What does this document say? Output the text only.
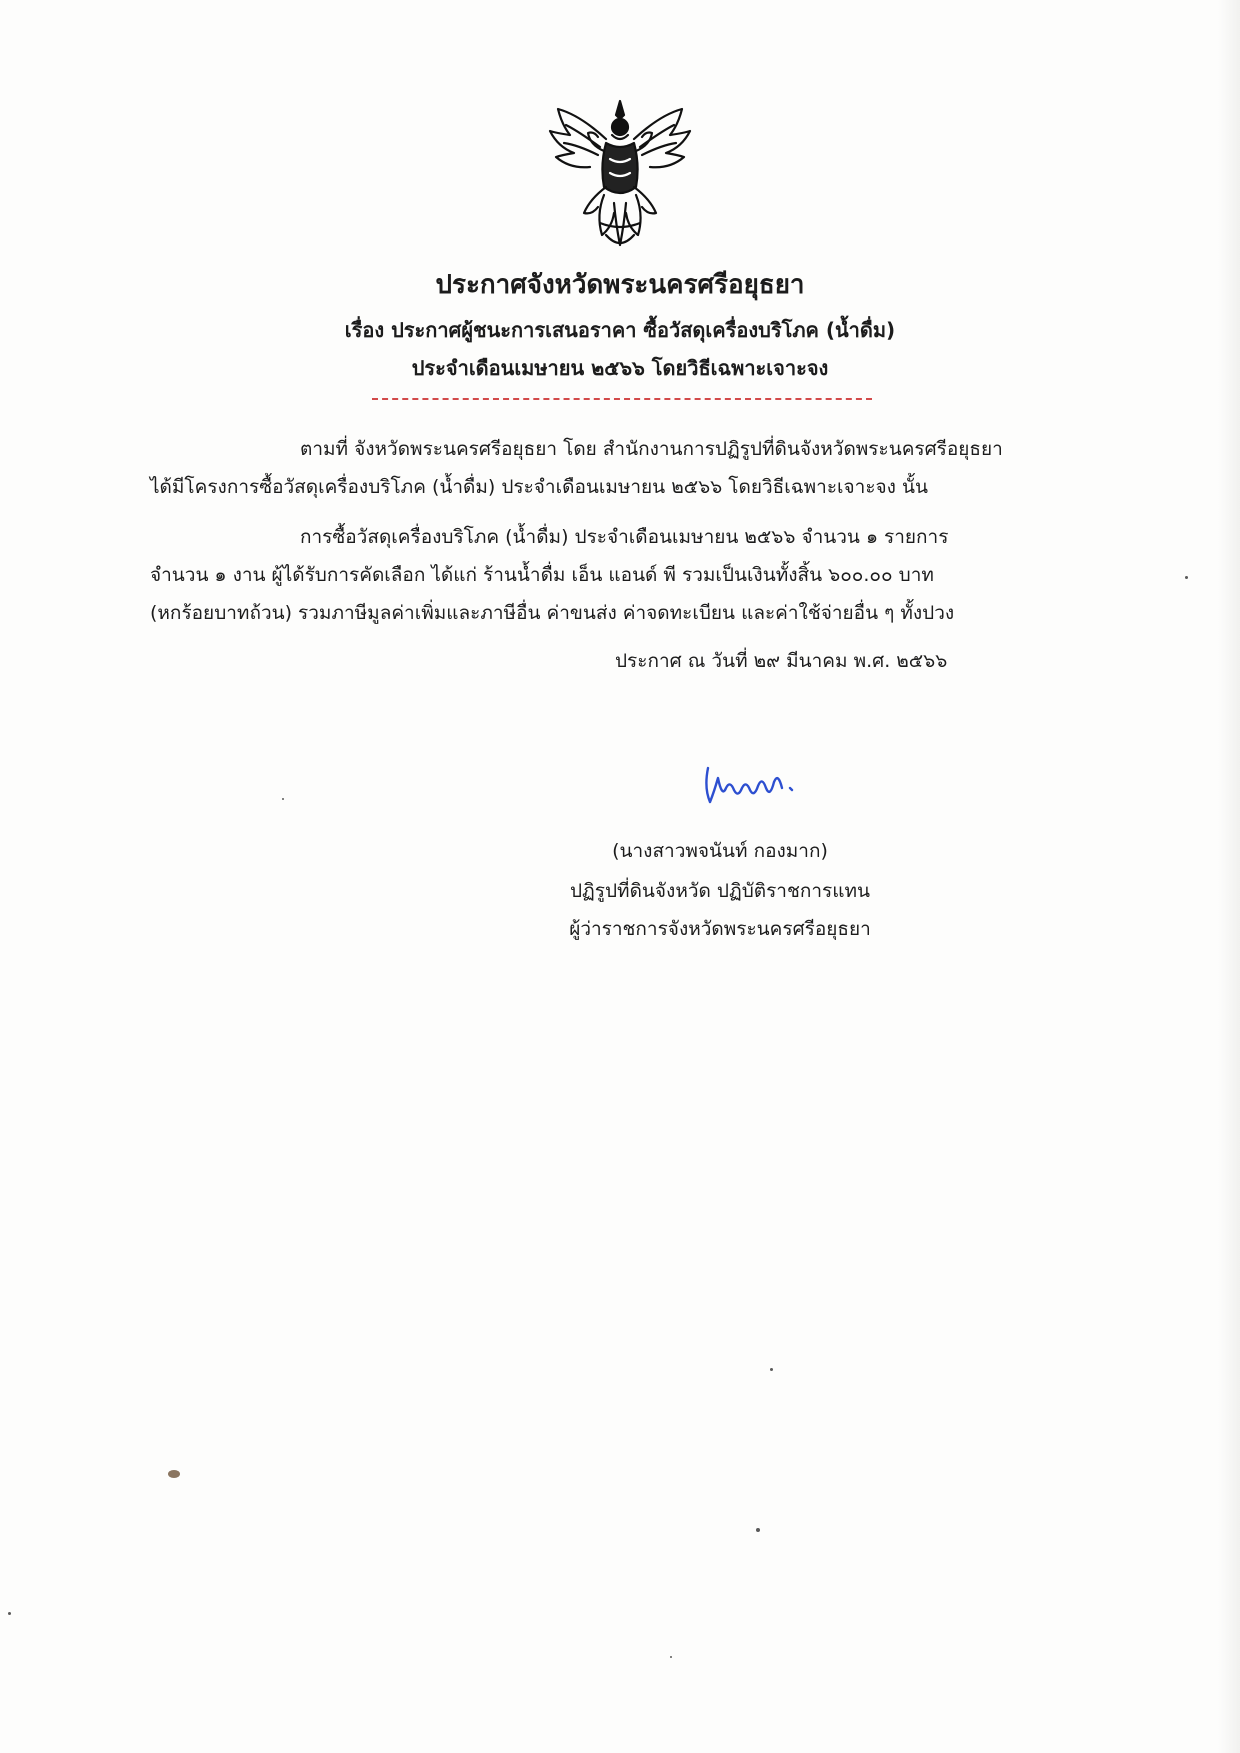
ประกาศจังหวัดพระนครศรีอยุธยา
เรื่อง ประกาศผู้ชนะการเสนอราคา ซื้อวัสดุเครื่องบริโภค (น้ำดื่ม)
ประจำเดือนเมษายน ๒๕๖๖ โดยวิธีเฉพาะเจาะจง
ตามที่ จังหวัดพระนครศรีอยุธยา โดย สำนักงานการปฏิรูปที่ดินจังหวัดพระนครศรีอยุธยา
ได้มีโครงการซื้อวัสดุเครื่องบริโภค (น้ำดื่ม) ประจำเดือนเมษายน ๒๕๖๖ โดยวิธีเฉพาะเจาะจง นั้น
การซื้อวัสดุเครื่องบริโภค (น้ำดื่ม) ประจำเดือนเมษายน ๒๕๖๖ จำนวน ๑ รายการ
จำนวน ๑ งาน ผู้ได้รับการคัดเลือก ได้แก่ ร้านน้ำดื่ม เอ็น แอนด์ พี รวมเป็นเงินทั้งสิ้น ๖๐๐.๐๐ บาท
(หกร้อยบาทถ้วน) รวมภาษีมูลค่าเพิ่มและภาษีอื่น ค่าขนส่ง ค่าจดทะเบียน และค่าใช้จ่ายอื่น ๆ ทั้งปวง
ประกาศ ณ วันที่ ๒๙ มีนาคม พ.ศ. ๒๕๖๖
(นางสาวพจนันท์ กองมาก)
ปฏิรูปที่ดินจังหวัด ปฏิบัติราชการแทน
ผู้ว่าราชการจังหวัดพระนครศรีอยุธยา
